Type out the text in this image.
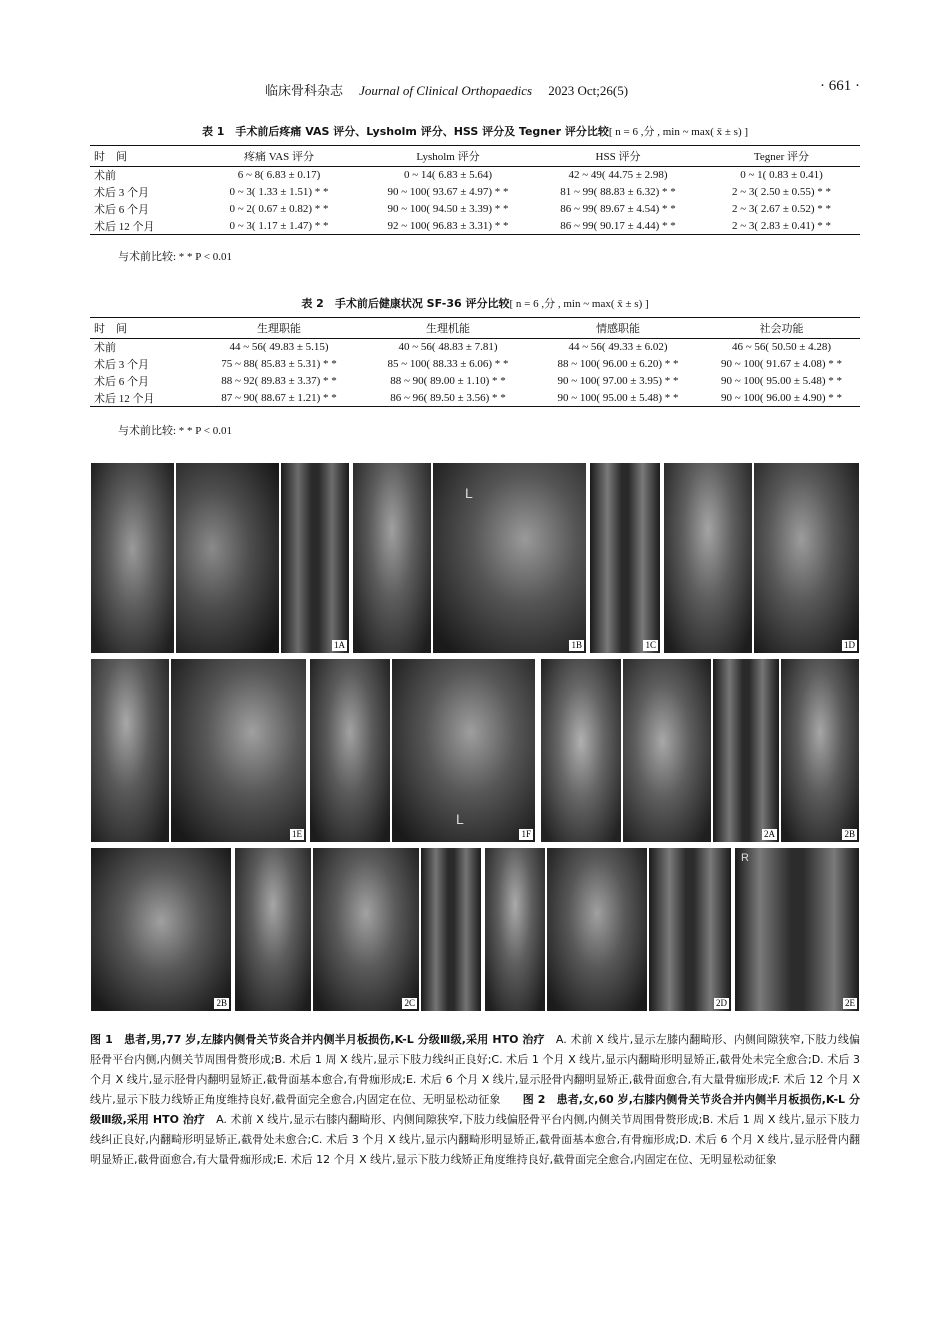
临床骨科杂志 Journal of Clinical Orthopaedics 2023 Oct;26(5)	· 661 ·
表 1　手术前后疼痛 VAS 评分、Lysholm 评分、HSS 评分及 Tegner 评分比较[ n = 6 ,分 , min ~ max( x̄ ± s) ]
时　间	疼痛 VAS 评分	Lysholm 评分	HSS 评分	Tegner 评分
术前	6 ~ 8( 6.83 ± 0.17)	0 ~ 14( 6.83 ± 5.64)	42 ~ 49( 44.75 ± 2.98)	0 ~ 1( 0.83 ± 0.41)
术后 3 个月	0 ~ 3( 1.33 ± 1.51) * *	90 ~ 100( 93.67 ± 4.97) * *	81 ~ 99( 88.83 ± 6.32) * *	2 ~ 3( 2.50 ± 0.55) * *
术后 6 个月	0 ~ 2( 0.67 ± 0.82) * *	90 ~ 100( 94.50 ± 3.39) * *	86 ~ 99( 89.67 ± 4.54) * *	2 ~ 3( 2.67 ± 0.52) * *
术后 12 个月	0 ~ 3( 1.17 ± 1.47) * *	92 ~ 100( 96.83 ± 3.31) * *	86 ~ 99( 90.17 ± 4.44) * *	2 ~ 3( 2.83 ± 0.41) * *
与术前比较: * * P < 0.01
表 2　手术前后健康状况 SF-36 评分比较[ n = 6 ,分 , min ~ max( x̄ ± s) ]
时　间	生理职能	生理机能	情感职能	社会功能
术前	44 ~ 56( 49.83 ± 5.15)	40 ~ 56( 48.83 ± 7.81)	44 ~ 56( 49.33 ± 6.02)	46 ~ 56( 50.50 ± 4.28)
术后 3 个月	75 ~ 88( 85.83 ± 5.31) * *	85 ~ 100( 88.33 ± 6.06) * *	88 ~ 100( 96.00 ± 6.20) * *	90 ~ 100( 91.67 ± 4.08) * *
术后 6 个月	88 ~ 92( 89.83 ± 3.37) * *	88 ~ 90( 89.00 ± 1.10) * *	90 ~ 100( 97.00 ± 3.95) * *	90 ~ 100( 95.00 ± 5.48) * *
术后 12 个月	87 ~ 90( 88.67 ± 1.21) * *	86 ~ 96( 89.50 ± 3.56) * *	90 ~ 100( 95.00 ± 5.48) * *	90 ~ 100( 96.00 ± 4.90) * *
与术前比较: * * P < 0.01
1A
L
1B	1C	1D
1E
L
1F	2A	2B
2B	2C	2D
R
2E
图 1　患者,男,77 岁,左膝内侧骨关节炎合并内侧半月板损伤,K-L 分级Ⅲ级,采用 HTO 治疗　A. 术前 X 线片,显示左膝内翻畸形、内侧间隙狭窄,下肢力线偏胫骨平台内侧,内侧关节周围骨赘形成;B. 术后 1 周 X 线片,显示下肢力线纠正良好;C. 术后 1 个月 X 线片,显示内翻畸形明显矫正,截骨处未完全愈合;D. 术后 3 个月 X 线片,显示胫骨内翻明显矫正,截骨面基本愈合,有骨痂形成;E. 术后 6 个月 X 线片,显示胫骨内翻明显矫正,截骨面愈合,有大量骨痂形成;F. 术后 12 个月 X 线片,显示下肢力线矫正角度维持良好,截骨面完全愈合,内固定在位、无明显松动征象　　图 2　患者,女,60 岁,右膝内侧骨关节炎合并内侧半月板损伤,K-L 分级Ⅲ级,采用 HTO 治疗　A. 术前 X 线片,显示右膝内翻畸形、内侧间隙狭窄,下肢力线偏胫骨平台内侧,内侧关节周围骨赘形成;B. 术后 1 周 X 线片,显示下肢力线纠正良好,内翻畸形明显矫正,截骨处未愈合;C. 术后 3 个月 X 线片,显示内翻畸形明显矫正,截骨面基本愈合,有骨痂形成;D. 术后 6 个月 X 线片,显示胫骨内翻明显矫正,截骨面愈合,有大量骨痂形成;E. 术后 12 个月 X 线片,显示下肢力线矫正角度维持良好,截骨面完全愈合,内固定在位、无明显松动征象
